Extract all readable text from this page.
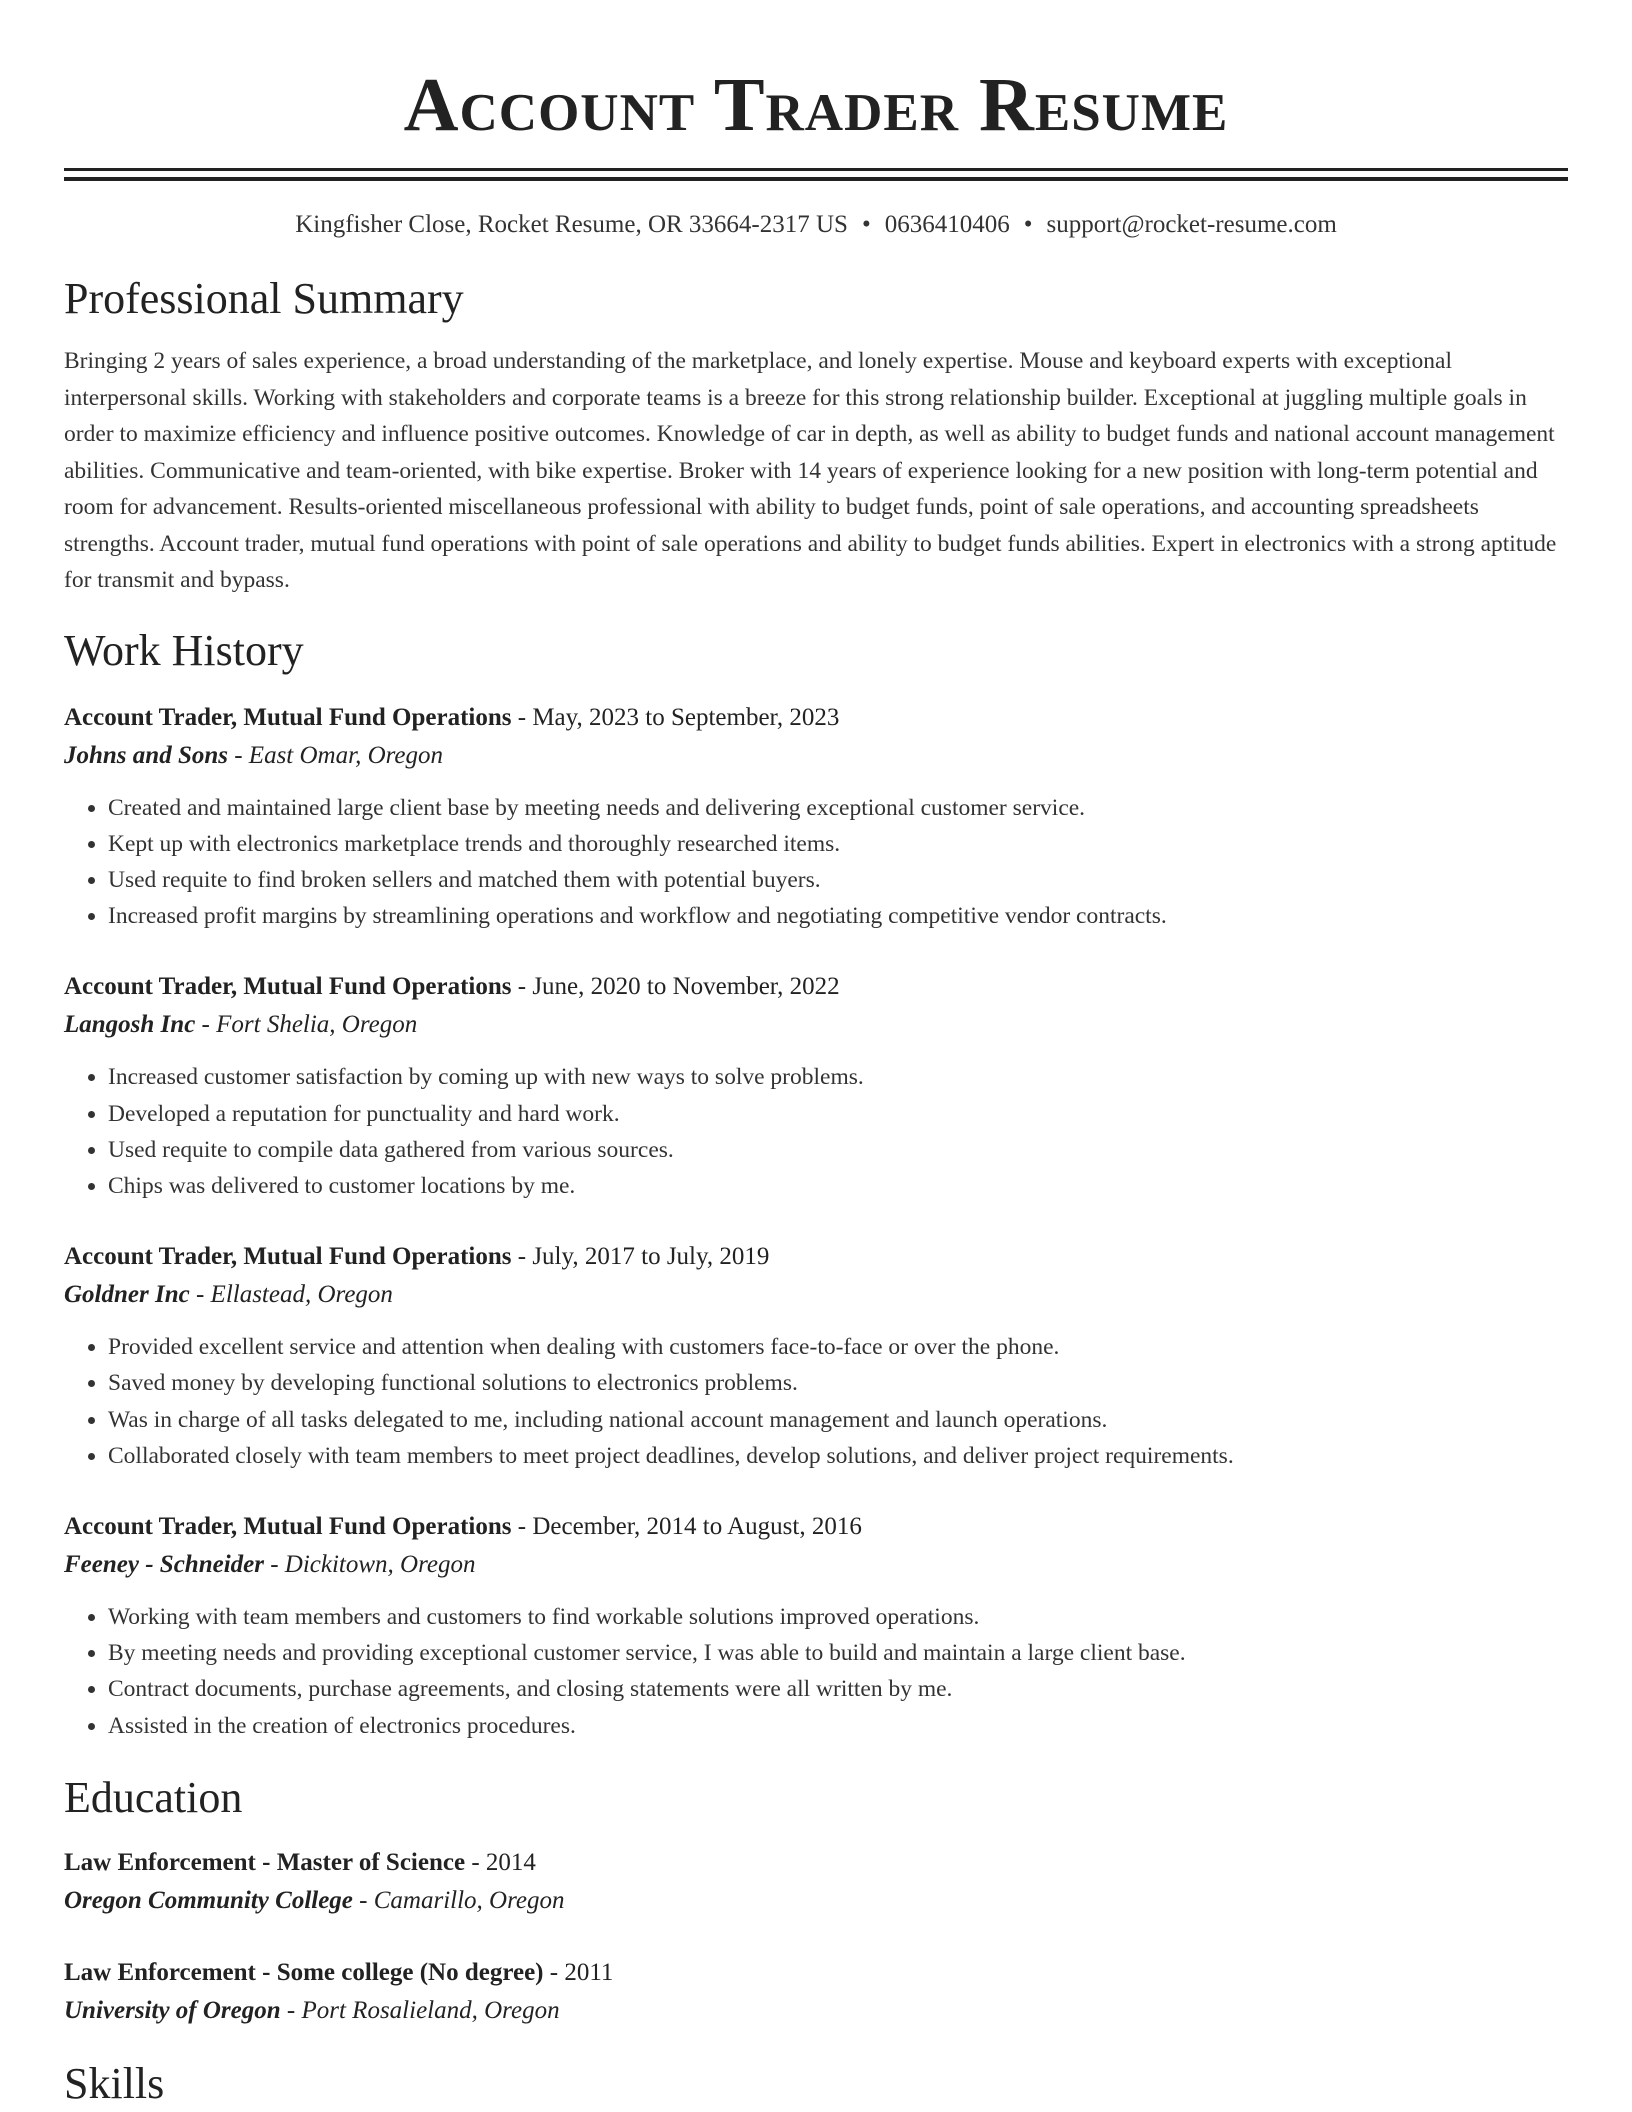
Account Trader Resume
Kingfisher Close, Rocket Resume, OR 33664-2317 US • 0636410406 • support@rocket-resume.com
Professional Summary
Bringing 2 years of sales experience, a broad understanding of the marketplace, and lonely expertise. Mouse and keyboard experts with exceptional interpersonal skills. Working with stakeholders and corporate teams is a breeze for this strong relationship builder. Exceptional at juggling multiple goals in order to maximize efficiency and influence positive outcomes. Knowledge of car in depth, as well as ability to budget funds and national account management abilities. Communicative and team-oriented, with bike expertise. Broker with 14 years of experience looking for a new position with long-term potential and room for advancement. Results-oriented miscellaneous professional with ability to budget funds, point of sale operations, and accounting spreadsheets strengths. Account trader, mutual fund operations with point of sale operations and ability to budget funds abilities. Expert in electronics with a strong aptitude for transmit and bypass.
Work History
Account Trader, Mutual Fund Operations - May, 2023 to September, 2023
Johns and Sons - East Omar, Oregon
• Created and maintained large client base by meeting needs and delivering exceptional customer service.
• Kept up with electronics marketplace trends and thoroughly researched items.
• Used requite to find broken sellers and matched them with potential buyers.
• Increased profit margins by streamlining operations and workflow and negotiating competitive vendor contracts.
Account Trader, Mutual Fund Operations - June, 2020 to November, 2022
Langosh Inc - Fort Shelia, Oregon
• Increased customer satisfaction by coming up with new ways to solve problems.
• Developed a reputation for punctuality and hard work.
• Used requite to compile data gathered from various sources.
• Chips was delivered to customer locations by me.
Account Trader, Mutual Fund Operations - July, 2017 to July, 2019
Goldner Inc - Ellastead, Oregon
• Provided excellent service and attention when dealing with customers face-to-face or over the phone.
• Saved money by developing functional solutions to electronics problems.
• Was in charge of all tasks delegated to me, including national account management and launch operations.
• Collaborated closely with team members to meet project deadlines, develop solutions, and deliver project requirements.
Account Trader, Mutual Fund Operations - December, 2014 to August, 2016
Feeney - Schneider - Dickitown, Oregon
• Working with team members and customers to find workable solutions improved operations.
• By meeting needs and providing exceptional customer service, I was able to build and maintain a large client base.
• Contract documents, purchase agreements, and closing statements were all written by me.
• Assisted in the creation of electronics procedures.
Education
Law Enforcement - Master of Science - 2014
Oregon Community College - Camarillo, Oregon
Law Enforcement - Some college (No degree) - 2011
University of Oregon - Port Rosalieland, Oregon
Skills
